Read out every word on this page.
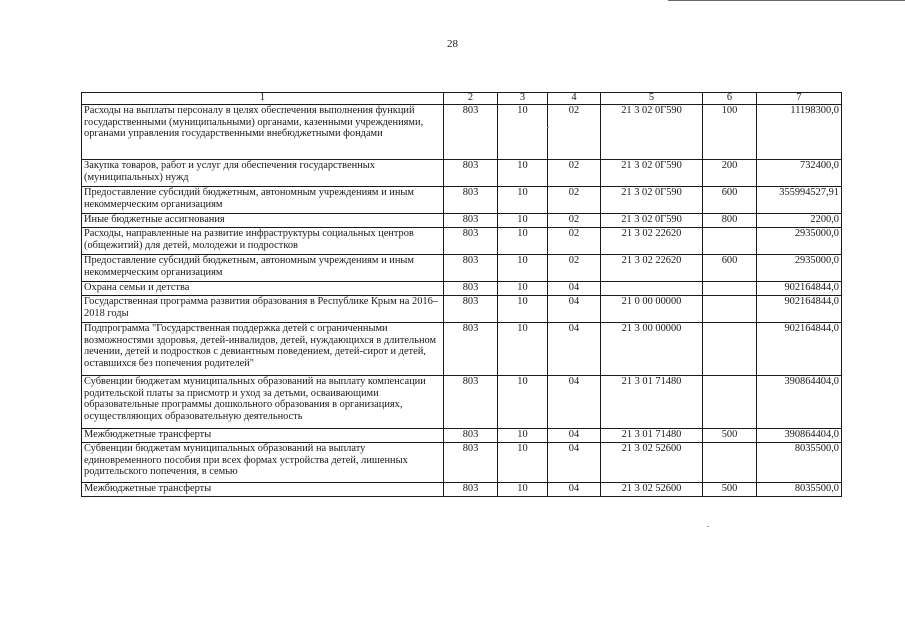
28
1	2	3	4	5	6	7
Расходы на выплаты персоналу в целях обеспечения выполнения функций государственными (муниципальными) органами, казенными учреждениями, органами управления государственными внебюджетными фондами	803	10	02	21 3 02 0Г590	100	11198300,0
Закупка товаров, работ и услуг для обеспечения государственных (муниципальных) нужд	803	10	02	21 3 02 0Г590	200	732400,0
Предоставление субсидий бюджетным, автономным учреждениям и иным некоммерческим организациям	803	10	02	21 3 02 0Г590	600	355994527,91
Иные бюджетные ассигнования	803	10	02	21 3 02 0Г590	800	2200,0
Расходы, направленные на развитие инфраструктуры социальных центров (общежитий) для детей, молодежи и подростков	803	10	02	21 3 02 22620		2935000,0
Предоставление субсидий бюджетным, автономным учреждениям и иным некоммерческим организациям	803	10	02	21 3 02 22620	600	2935000,0
Охрана семьи и детства	803	10	04			902164844,0
Государственная программа развития образования в Республике Крым на 2016–2018 годы	803	10	04	21 0 00 00000		902164844,0
Подпрограмма "Государственная поддержка детей с ограниченными возможностями здоровья, детей-инвалидов, детей, нуждающихся в длительном лечении, детей и подростков с девиантным поведением, детей-сирот и детей, оставшихся без попечения родителей"	803	10	04	21 3 00 00000		902164844,0
Субвенции бюджетам муниципальных образований на выплату компенсации родительской платы за присмотр и уход за детьми, осваивающими образовательные программы дошкольного образования в организациях, осуществляющих образовательную деятельность	803	10	04	21 3 01 71480		390864404,0
Межбюджетные трансферты	803	10	04	21 3 01 71480	500	390864404,0
Субвенции бюджетам муниципальных образований на выплату единовременного пособия при всех формах устройства детей, лишенных родительского попечения, в семью	803	10	04	21 3 02 52600		8035500,0
Межбюджетные трансферты	803	10	04	21 3 02 52600	500	8035500,0
